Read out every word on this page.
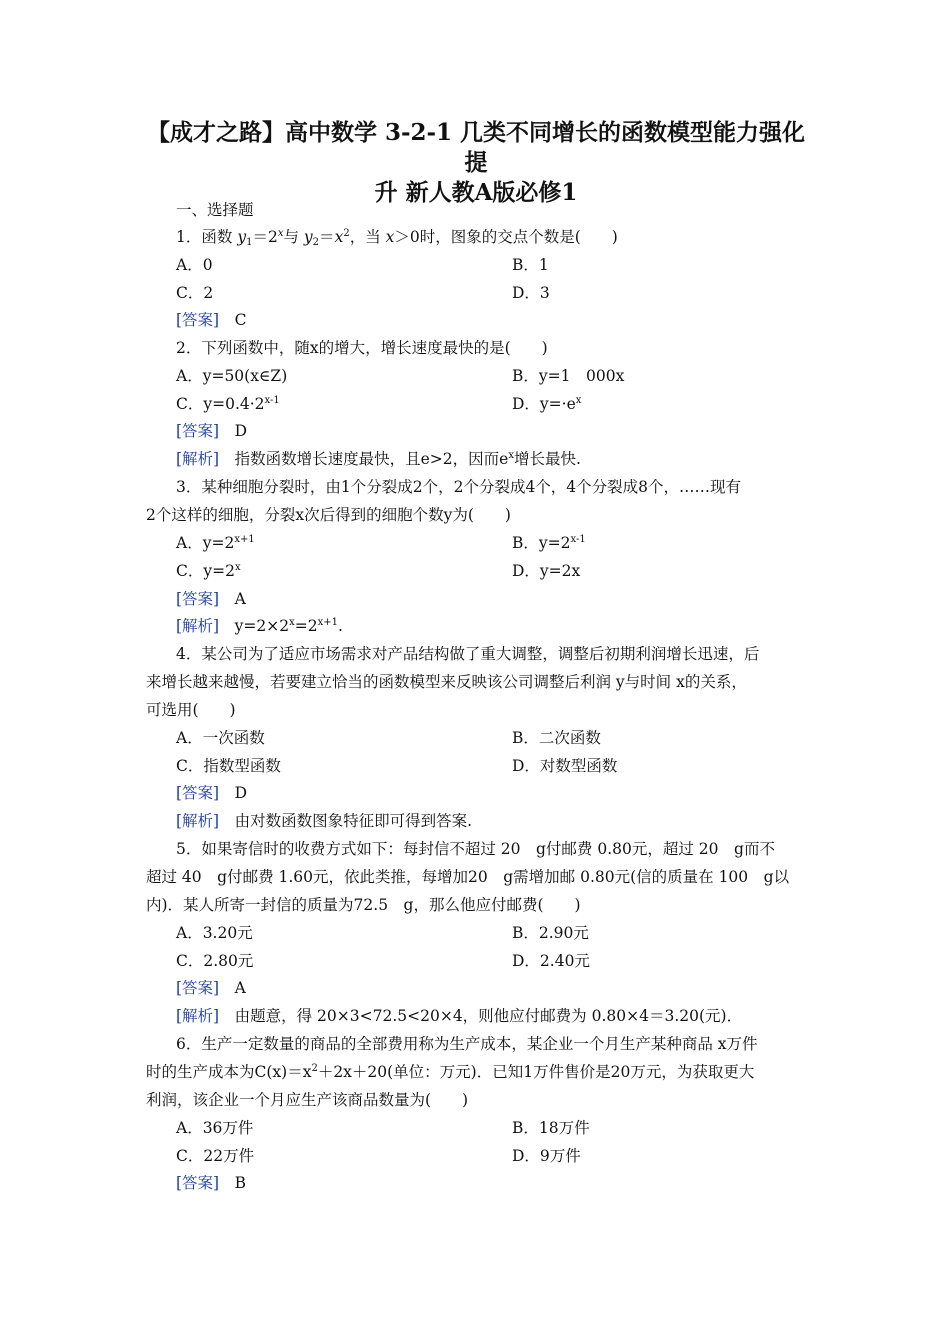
【成才之路】高中数学 3-2-1 几类不同增长的函数模型能力强化提
升 新人教A版必修1
一、选择题
1．函数 $y_1=2^x$与 $y_2=x^2$，当 x＞0时，图象的交点个数是(　　)
A．0	B．1
C．2	D．3
[答案]　 C
2．下列函数中，随x的增大，增长速度最快的是(　　)
A．y=50(x∈Z)	B．y=1　000x
C．$y=0.4\cdot 2^{x-1}$	D．$y=\cdot e^x$
[答案]　 D
[解析]　 指数函数增长速度最快，且e>2，因而$e^x$增长最快.
3．某种细胞分裂时，由1个分裂成2个，2个分裂成4个，4个分裂成8个，……现有
2个这样的细胞，分裂x次后得到的细胞个数y为(　　)
A．$y=2^{x+1}$	B．$y=2^{x-1}$
C．$y=2^x$	D．y=2x
[答案]　 A
[解析]　 $y=2\times 2^x=2^{x+1}$.
4．某公司为了适应市场需求对产品结构做了重大调整，调整后初期利润增长迅速，后
来增长越来越慢，若要建立恰当的函数模型来反映该公司调整后利润 y与时间 x的关系，
可选用(　　)
A．一次函数	B．二次函数
C．指数型函数	D．对数型函数
[答案]　 D
[解析]　 由对数函数图象特征即可得到答案.
5．如果寄信时的收费方式如下：每封信不超过 20　g付邮费 0.80元，超过 20　g而不
超过 40　g付邮费 1.60元，依此类推，每增加20　g需增加邮 0.80元(信的质量在 100　g以
内)．某人所寄一封信的质量为72.5　g，那么他应付邮费(　　)
A．3.20元	B．2.90元
C．2.80元	D．2.40元
[答案]　 A
[解析]　 由题意，得 20×3<72.5<20×4，则他应付邮费为 0.80×4＝3.20(元)．
6．生产一定数量的商品的全部费用称为生产成本，某企业一个月生产某种商品 x万件
时的生产成本为$C(x)=x^2+2x+20$(单位：万元)．已知1万件售价是20万元，为获取更大
利润，该企业一个月应生产该商品数量为(　　)
A．36万件	B．18万件
C．22万件	D．9万件
[答案]　 B
